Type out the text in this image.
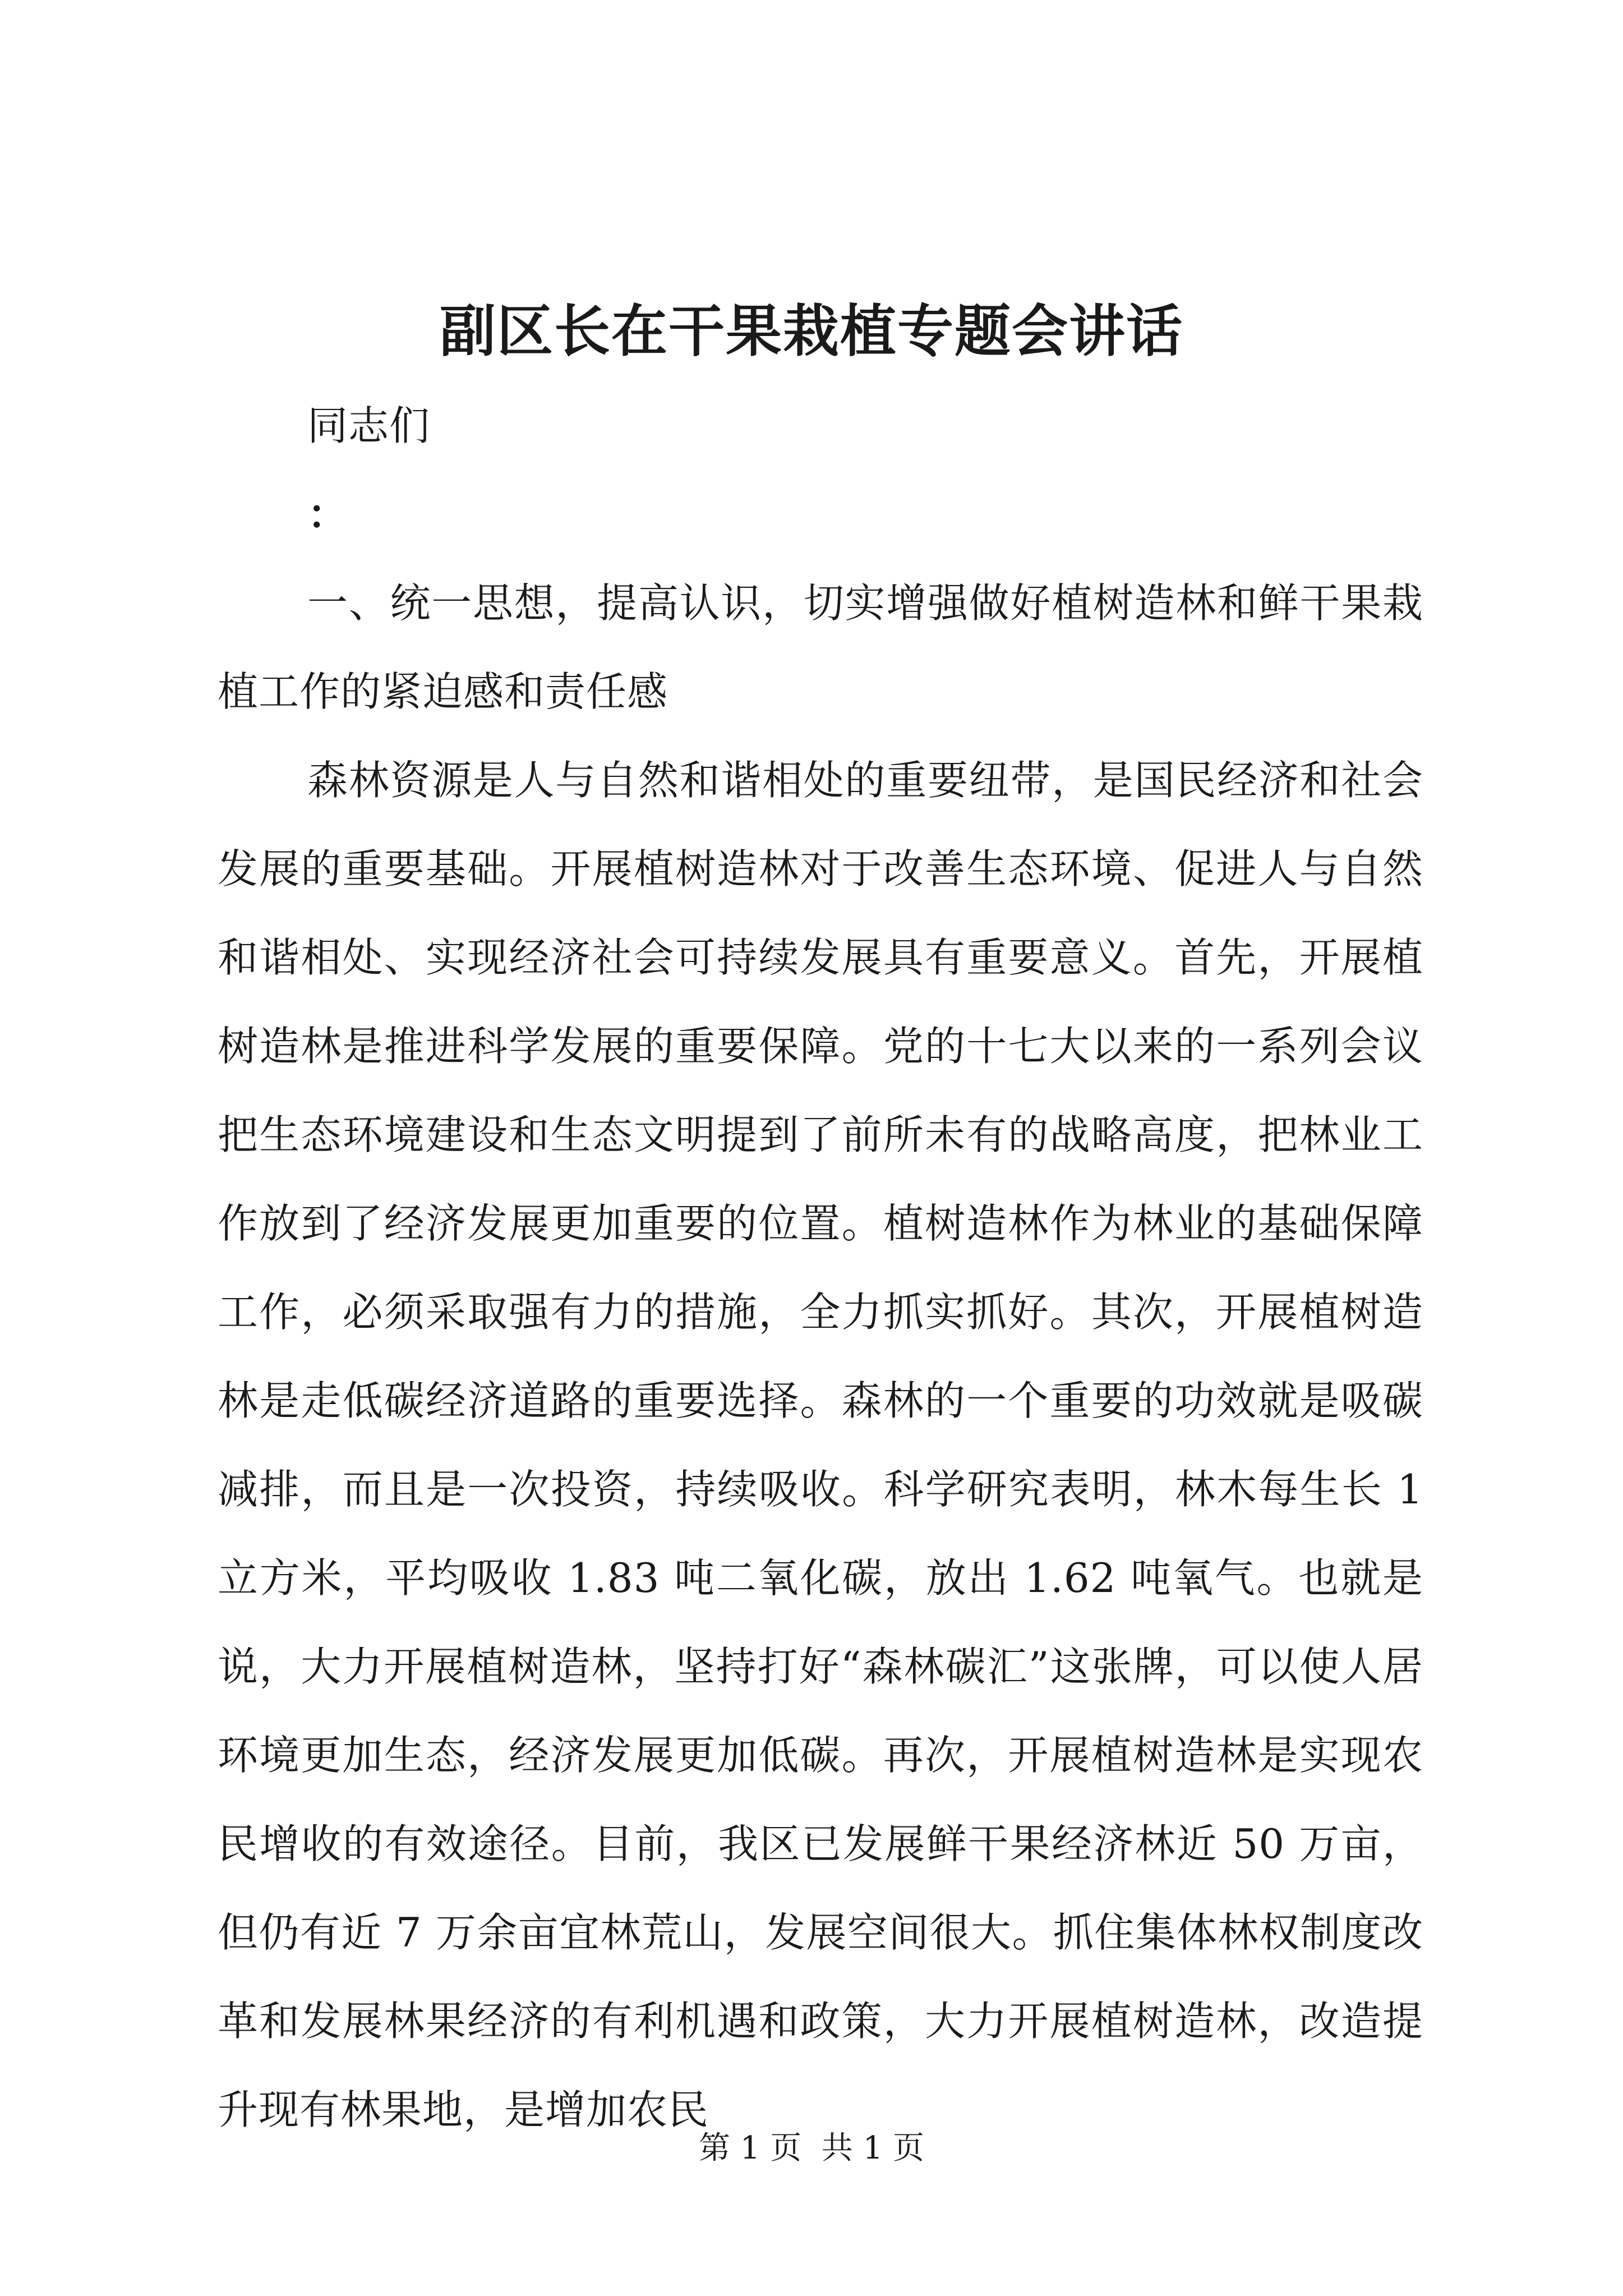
副区长在干果栽植专题会讲话

同志们

：

一、统一思想，提高认识，切实增强做好植树造林和鲜干果栽植工作的紧迫感和责任感

森林资源是人与自然和谐相处的重要纽带，是国民经济和社会发展的重要基础。开展植树造林对于改善生态环境、促进人与自然和谐相处、实现经济社会可持续发展具有重要意义。首先，开展植树造林是推进科学发展的重要保障。党的十七大以来的一系列会议把生态环境建设和生态文明提到了前所未有的战略高度，把林业工作放到了经济发展更加重要的位置。植树造林作为林业的基础保障工作，必须采取强有力的措施，全力抓实抓好。其次，开展植树造林是走低碳经济道路的重要选择。森林的一个重要的功效就是吸碳减排，而且是一次投资，持续吸收。科学研究表明，林木每生长 1 立方米，平均吸收 1.83 吨二氧化碳，放出 1.62 吨氧气。也就是说，大力开展植树造林，坚持打好“森林碳汇”这张牌，可以使人居环境更加生态，经济发展更加低碳。再次，开展植树造林是实现农民增收的有效途径。目前，我区已发展鲜干果经济林近 50 万亩，但仍有近 7 万余亩宜林荒山，发展空间很大。抓住集体林权制度改革和发展林果经济的有利机遇和政策，大力开展植树造林，改造提升现有林果地，是增加农民

第 1 页  共 1 页
